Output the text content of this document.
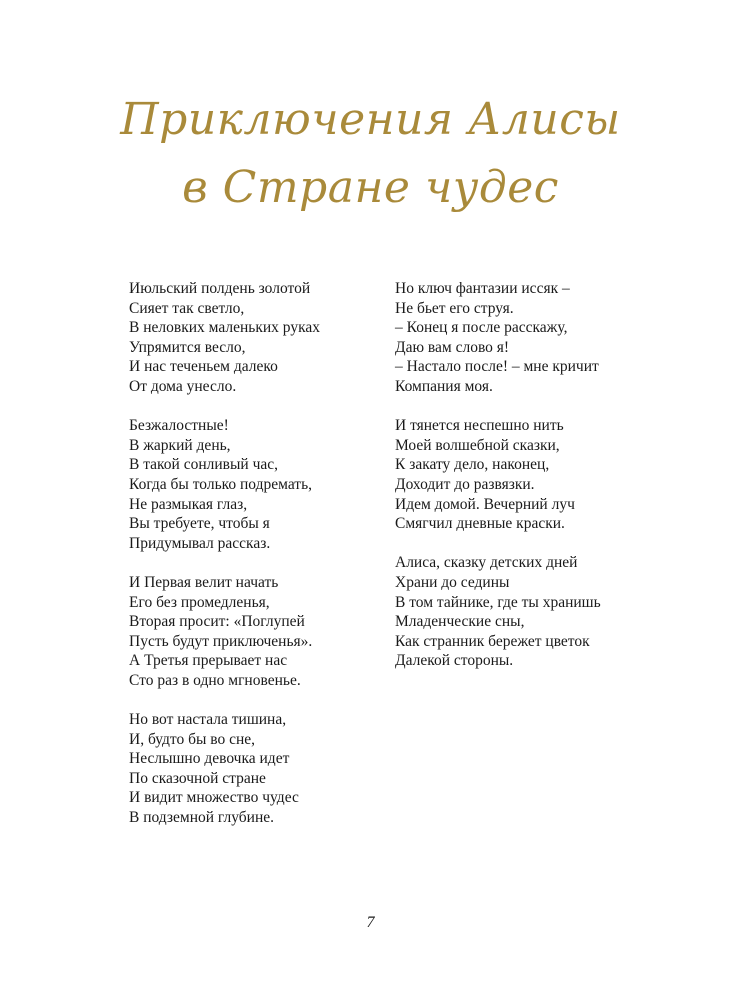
Приключения Алисы
в Стране чудес
Июльский полдень золотой
Сияет так светло,
В неловких маленьких руках
Упрямится весло,
И нас теченьем далеко
От дома унесло.
Безжалостные!
В жаркий день,
В такой сонливый час,
Когда бы только подремать,
Не размыкая глаз,
Вы требуете, чтобы я
Придумывал рассказ.
И Первая велит начать
Его без промедленья,
Вторая просит: «Поглупей
Пусть будут приключенья».
А Третья прерывает нас
Сто раз в одно мгновенье.
Но вот настала тишина,
И, будто бы во сне,
Неслышно девочка идет
По сказочной стране
И видит множество чудес
В подземной глубине.
Но ключ фантазии иссяк –
Не бьет его струя.
– Конец я после расскажу,
Даю вам слово я!
– Настало после! – мне кричит
Компания моя.
И тянется неспешно нить
Моей волшебной сказки,
К закату дело, наконец,
Доходит до развязки.
Идем домой. Вечерний луч
Смягчил дневные краски.
Алиса, сказку детских дней
Храни до седины
В том тайнике, где ты хранишь
Младенческие сны,
Как странник бережет цветок
Далекой стороны.
7
